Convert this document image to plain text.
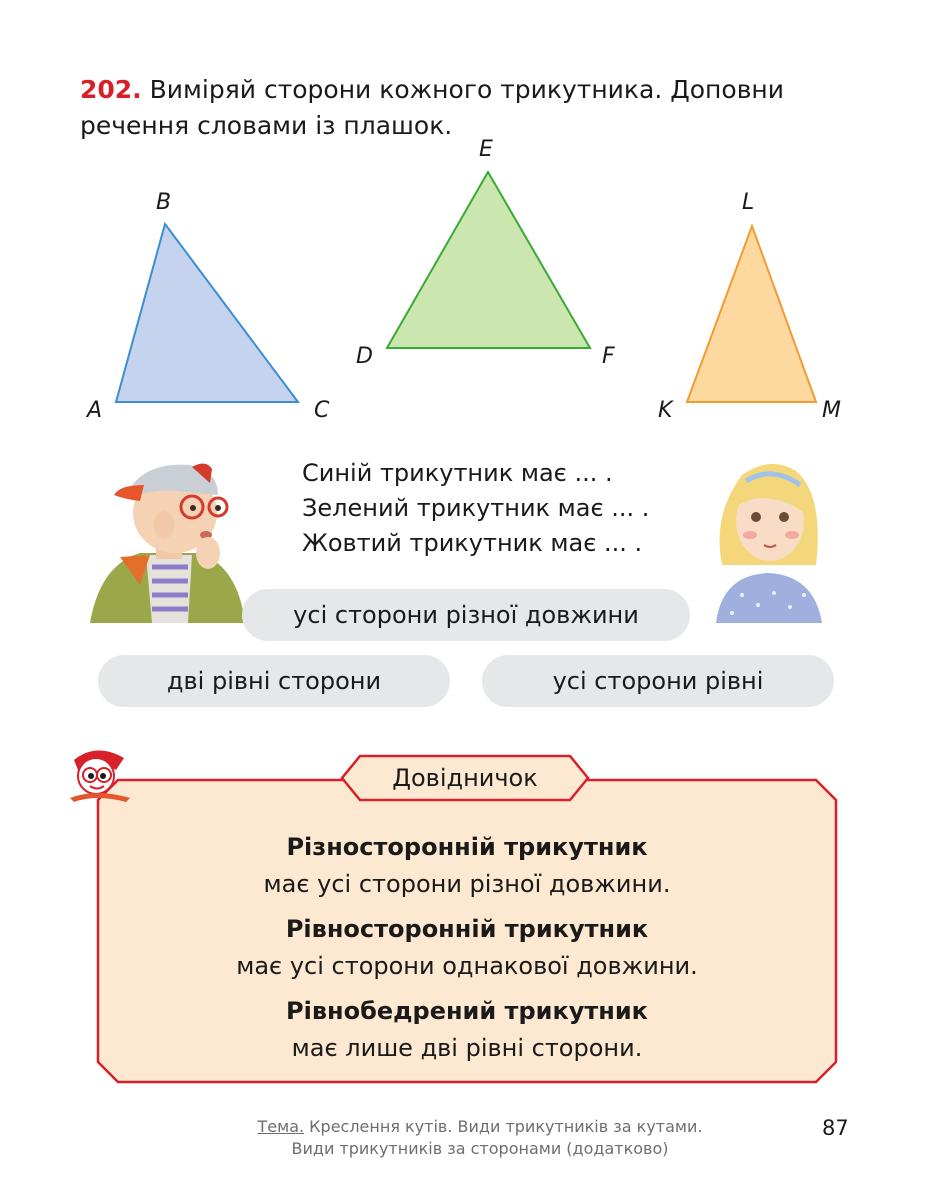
202. Виміряй сторони кожного трикутника. Доповни речення словами із плашок.
A
B
C
D
E
F
K
L
M
Синій трикутник має ... .
Зелений трикутник має ... .
Жовтий трикутник має ... .
усі сторони різної довжини
дві рівні сторони	усі сторони рівні
Довідничок
Різносторонній трикутник
має усі сторони різної довжини.
Рівносторонній трикутник
має усі сторони однакової довжини.
Рівнобедрений трикутник
має лише дві рівні сторони.
Тема. Креслення кутів. Види трикутників за кутами.
Види трикутників за сторонами (додатково)
87
